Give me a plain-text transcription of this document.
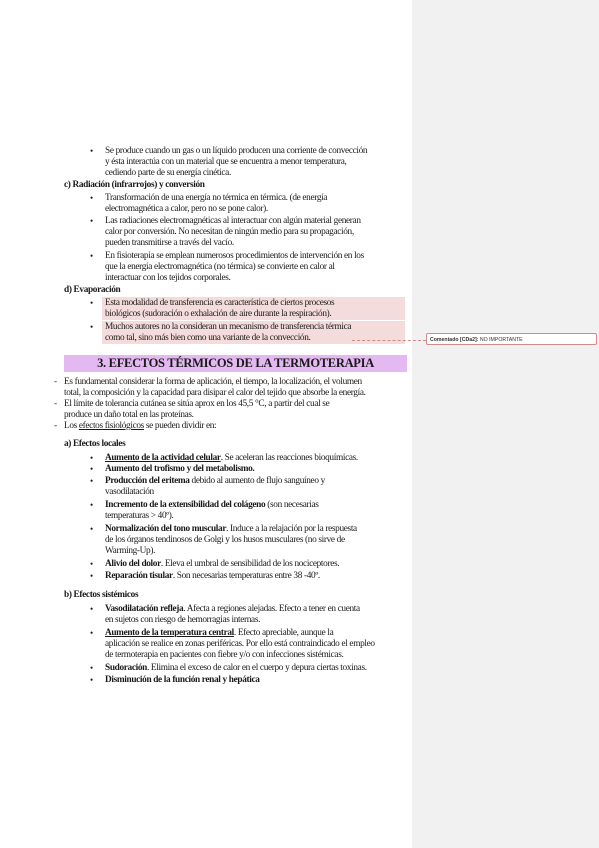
• Se produce cuando un gas o un líquido producen una corriente de convección
y ésta interactúa con un material que se encuentra a menor temperatura,
cediendo parte de su energía cinética.
c) Radiación (infrarrojos) y conversión
• Transformación de una energía no térmica en térmica. (de energía
electromagnética a calor, pero no se pone calor).
• Las radiaciones electromagnéticas al interactuar con algún material generan
calor por conversión. No necesitan de ningún medio para su propagación,
pueden transmitirse a través del vacío.
• En fisioterapia se emplean numerosos procedimientos de intervención en los
que la energía electromagnética (no térmica) se convierte en calor al
interactuar con los tejidos corporales.
d) Evaporación
• Esta modalidad de transferencia es característica de ciertos procesos
biológicos (sudoración o exhalación de aire durante la respiración).
• Muchos autores no la consideran un mecanismo de transferencia térmica
como tal, sino más bien como una variante de la convección.
3. EFECTOS TÉRMICOS DE LA TERMOTERAPIA
- Es fundamental considerar la forma de aplicación, el tiempo, la localización, el volumen
total, la composición y la capacidad para disipar el calor del tejido que absorbe la energía.
- El límite de tolerancia cutánea se sitúa aprox en los 45,5 °C, a partir del cual se
produce un daño total en las proteínas.
- Los efectos fisiológicos se pueden dividir en:
a) Efectos locales
• Aumento de la actividad celular. Se aceleran las reacciones bioquímicas.
• Aumento del trofismo y del metabolismo.
• Producción del eritema debido al aumento de flujo sanguíneo y
vasodilatación
• Incremento de la extensibilidad del colágeno (son necesarias
temperaturas > 40º).
• Normalización del tono muscular. Induce a la relajación por la respuesta
de los órganos tendinosos de Golgi y los husos musculares (no sirve de
Warming-Up).
• Alivio del dolor. Eleva el umbral de sensibilidad de los nociceptores.
• Reparación tisular. Son necesarias temperaturas entre 38 -40º.
b) Efectos sistémicos
• Vasodilatación refleja. Afecta a regiones alejadas. Efecto a tener en cuenta
en sujetos con riesgo de hemorragias internas.
• Aumento de la temperatura central. Efecto apreciable, aunque la
aplicación se realice en zonas periféricas. Por ello está contraindicado el empleo
de termoterapia en pacientes con fiebre y/o con infecciones sistémicas.
• Sudoración. Elimina el exceso de calor en el cuerpo y depura ciertas toxinas.
• Disminución de la función renal y hepática
Comentado [CDa2]: NO IMPORTANTE
